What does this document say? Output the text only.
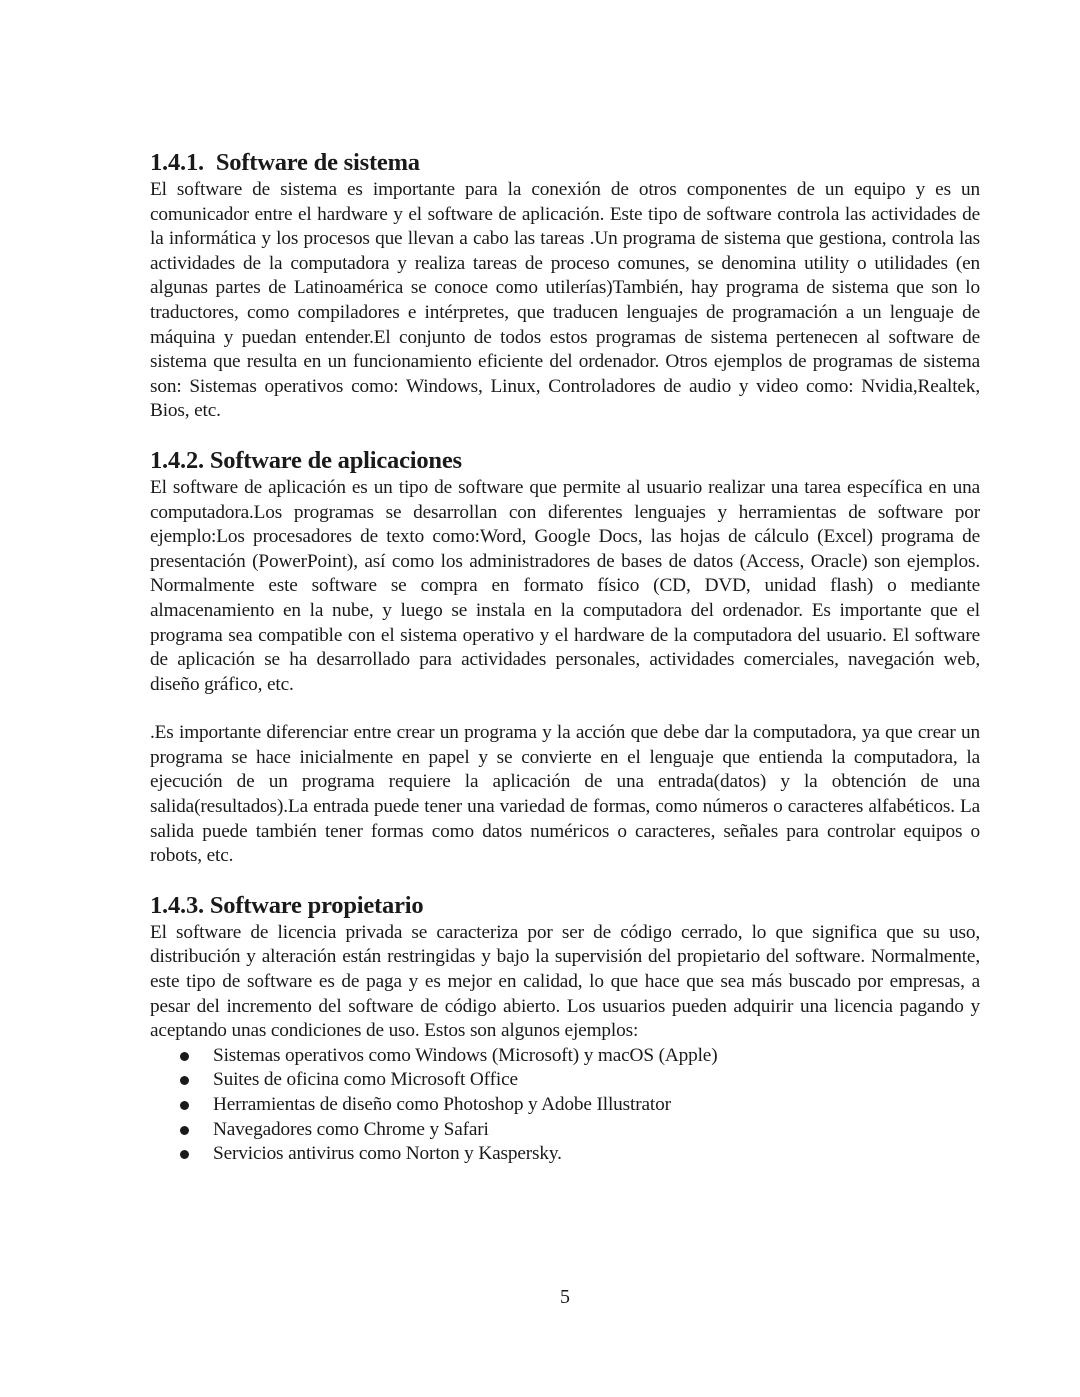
1.4.1. Software de sistema

El software de sistema es importante para la conexión de otros componentes de un equipo y es un comunicador entre el hardware y el software de aplicación. Este tipo de software controla las actividades de la informática y los procesos que llevan a cabo las tareas .Un programa de sistema que gestiona, controla las actividades de la computadora y realiza tareas de proceso comunes, se denomina utility o utilidades (en algunas partes de Latinoamérica se conoce como utilerías)También, hay programa de sistema que son lo traductores, como compiladores e intérpretes, que traducen lenguajes de programación a un lenguaje de máquina y puedan entender.El conjunto de todos estos programas de sistema pertenecen al software de sistema que resulta en un funcionamiento eficiente del ordenador. Otros ejemplos de programas de sistema son: Sistemas operativos como: Windows, Linux, Controladores de audio y video como: Nvidia,Realtek, Bios, etc.

1.4.2. Software de aplicaciones

El software de aplicación es un tipo de software que permite al usuario realizar una tarea específica en una computadora.Los programas se desarrollan con diferentes lenguajes y herramientas de software por ejemplo:Los procesadores de texto como:Word, Google Docs, las hojas de cálculo (Excel) programa de presentación (PowerPoint), así como los administradores de bases de datos (Access, Oracle) son ejemplos. Normalmente este software se compra en formato físico (CD, DVD, unidad flash) o mediante almacenamiento en la nube, y luego se instala en la computadora del ordenador. Es importante que el programa sea compatible con el sistema operativo y el hardware de la computadora del usuario. El software de aplicación se ha desarrollado para actividades personales, actividades comerciales, navegación web, diseño gráfico, etc.

.Es importante diferenciar entre crear un programa y la acción que debe dar la computadora, ya que crear un programa se hace inicialmente en papel y se convierte en el lenguaje que entienda la computadora, la ejecución de un programa requiere la aplicación de una entrada(datos) y la obtención de una salida(resultados).La entrada puede tener una variedad de formas, como números o caracteres alfabéticos. La salida puede también tener formas como datos numéricos o caracteres, señales para controlar equipos o robots, etc.

1.4.3. Software propietario

El software de licencia privada se caracteriza por ser de código cerrado, lo que significa que su uso, distribución y alteración están restringidas y bajo la supervisión del propietario del software. Normalmente, este tipo de software es de paga y es mejor en calidad, lo que hace que sea más buscado por empresas, a pesar del incremento del software de código abierto. Los usuarios pueden adquirir una licencia pagando y aceptando unas condiciones de uso. Estos son algunos ejemplos:

Sistemas operativos como Windows (Microsoft) y macOS (Apple)
Suites de oficina como Microsoft Office
Herramientas de diseño como Photoshop y Adobe Illustrator
Navegadores como Chrome y Safari
Servicios antivirus como Norton y Kaspersky.
5
